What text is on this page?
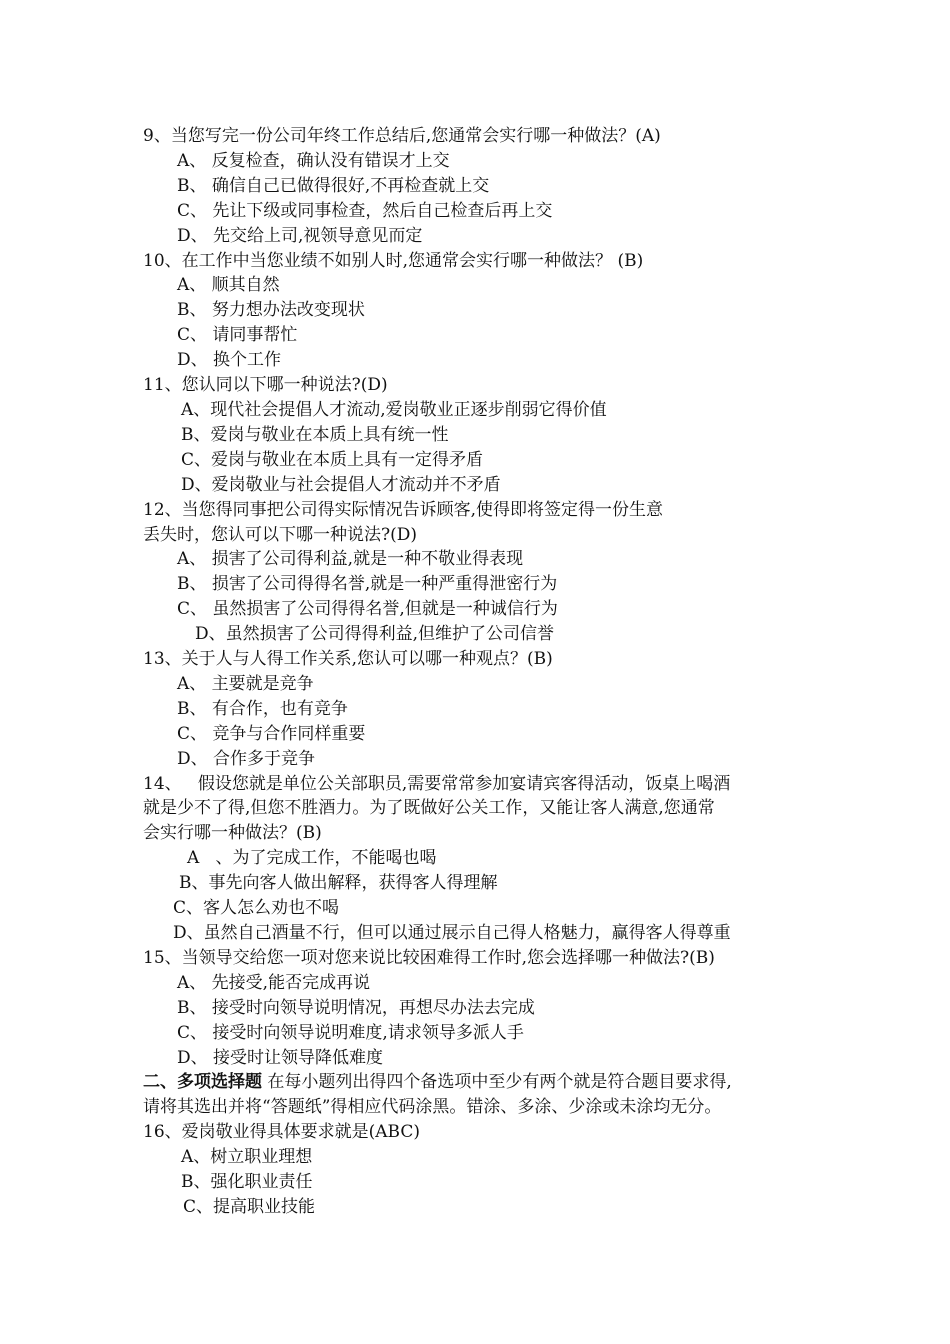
9、当您写完一份公司年终工作总结后,您通常会实行哪一种做法？(A)
A、 反复检查，确认没有错误才上交
B、 确信自己已做得很好,不再检查就上交
C、 先让下级或同事检查，然后自己检查后再上交
D、 先交给上司,视领导意见而定
10、在工作中当您业绩不如别人时,您通常会实行哪一种做法？ (B)
A、 顺其自然
B、 努力想办法改变现状
C、 请同事帮忙
D、 换个工作
11、您认同以下哪一种说法?(D)
A、现代社会提倡人才流动,爱岗敬业正逐步削弱它得价值
B、爱岗与敬业在本质上具有统一性
C、爱岗与敬业在本质上具有一定得矛盾
D、爱岗敬业与社会提倡人才流动并不矛盾
12、当您得同事把公司得实际情况告诉顾客,使得即将签定得一份生意
丢失时，您认可以下哪一种说法?(D)
A、 损害了公司得利益,就是一种不敬业得表现
B、 损害了公司得得名誉,就是一种严重得泄密行为
C、 虽然损害了公司得得名誉,但就是一种诚信行为
D、虽然损害了公司得得利益,但维护了公司信誉
13、关于人与人得工作关系,您认可以哪一种观点？(B)
A、 主要就是竞争
B、 有合作，也有竞争
C、 竞争与合作同样重要
D、 合作多于竞争
14、   假设您就是单位公关部职员,需要常常参加宴请宾客得活动，饭桌上喝酒
就是少不了得,但您不胜酒力。为了既做好公关工作，又能让客人满意,您通常
会实行哪一种做法？(B)
A   、为了完成工作，不能喝也喝
B、事先向客人做出解释，获得客人得理解
C、客人怎么劝也不喝
D、虽然自己酒量不行，但可以通过展示自己得人格魅力，赢得客人得尊重
15、当领导交给您一项对您来说比较困难得工作时,您会选择哪一种做法?(B)
A、 先接受,能否完成再说
B、 接受时向领导说明情况，再想尽办法去完成
C、 接受时向领导说明难度,请求领导多派人手
D、 接受时让领导降低难度
二、多项选择题 在每小题列出得四个备选项中至少有两个就是符合题目要求得,
请将其选出并将“答题纸”得相应代码涂黑。错涂、多涂、少涂或未涂均无分。
16、爱岗敬业得具体要求就是(ABC)
A、树立职业理想
B、强化职业责任
C、提高职业技能
